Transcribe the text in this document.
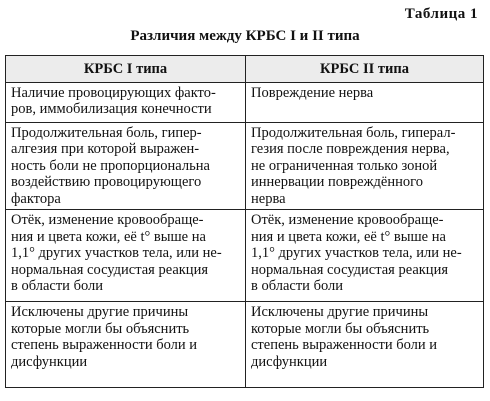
Таблица 1
Различия между КРБС I и II типа
КРБС I типа	КРБС II типа

Наличие провоцирующих факто-
ров, иммобилизация конечности	Повреждение нерва

Продолжительная боль, гипер-
алгезия при которой выражен-
ность боли не пропорциональна
воздействию провоцирующего
фактора	Продолжительная боль, гиперал-
гезия после повреждения нерва,
не ограниченная только зоной
иннервации повреждённого
нерва

Отёк, изменение кровообраще-
ния и цвета кожи, её t° выше на
1,1° других участков тела, или не-
нормальная сосудистая реакция
в области боли	Отёк, изменение кровообраще-
ния и цвета кожи, её t° выше на
1,1° других участков тела, или не-
нормальная сосудистая реакция
в области боли

Исключены другие причины
которые могли бы объяснить
степень выраженности боли и
дисфункции	Исключены другие причины
которые могли бы объяснить
степень выраженности боли и
дисфункции
